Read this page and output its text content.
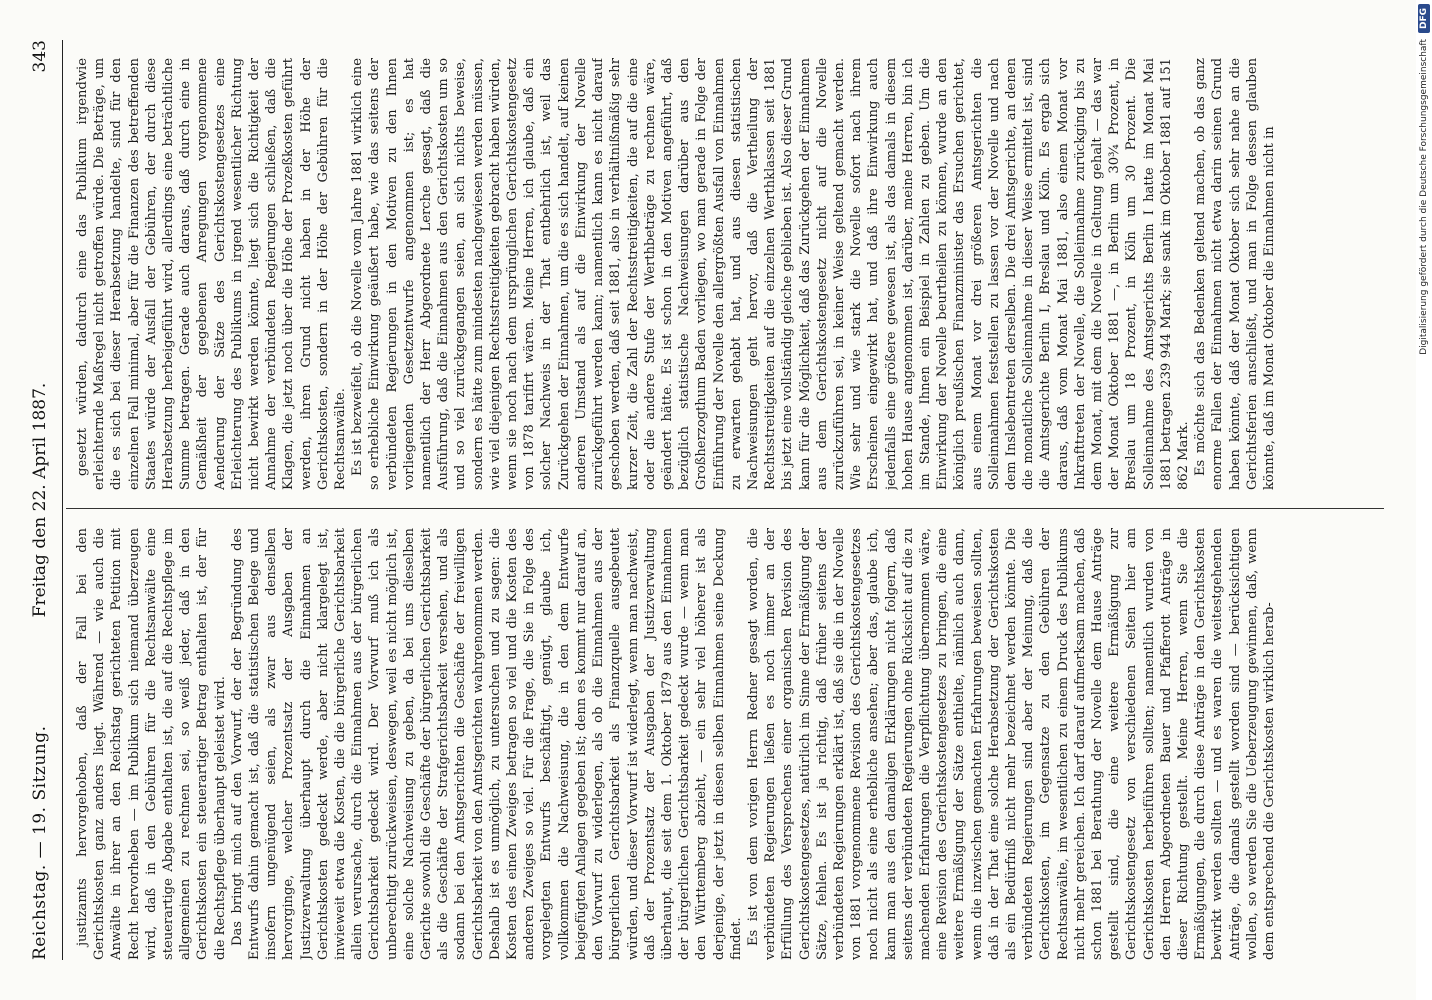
Reichstag. — 19. Sitzung.
Freitag den 22. April 1887.
343

justizamts hervorgehoben, daß der Fall bei den Gerichtskosten ganz anders liegt. Während — wie auch die Anwälte in ihrer an den Reichstag gerichteten Petition mit Recht hervorheben — im Publikum sich niemand überzeugen wird, daß in den Gebühren für die Rechtsanwälte eine steuerartige Abgabe enthalten ist, die auf die Rechtspflege im allgemeinen zu rechnen sei, so weiß jeder, daß in den Gerichtskosten ein steuerartiger Betrag enthalten ist, der für die Rechtspflege überhaupt geleistet wird. Das bringt mich auf den Vorwurf, der der Begründung des Entwurfs dahin gemacht ist, daß die statistischen Belege und insofern ungenügend seien, als zwar aus denselben hervorginge, welcher Prozentsatz der Ausgaben der Justizverwaltung überhaupt durch die Einnahmen an Gerichtskosten gedeckt werde, aber nicht klargelegt ist, inwieweit etwa die Kosten, die die bürgerliche Gerichtsbarkeit allein verursache, durch die Einnahmen aus der bürgerlichen Gerichtsbarkeit gedeckt wird. Der Vorwurf muß ich als unberechtigt zurückweisen, deswegen, weil es nicht möglich ist, eine solche Nachweisung zu geben, da bei uns dieselben Gerichte sowohl die Geschäfte der bürgerlichen Gerichtsbarkeit als die Geschäfte der Strafgerichtsbarkeit versehen, und als sodann bei den Amtsgerichten die Geschäfte der freiwilligen Gerichtsbarkeit von den Amtsgerichten wahrgenommen werden. Deshalb ist es unmöglich, zu untersuchen und zu sagen: die Kosten des einen Zweiges betragen so viel und die Kosten des anderen Zweiges so viel. Für die Frage, die Sie in Folge des vorgelegten Entwurfs beschäftigt, genügt, glaube ich, vollkommen die Nachweisung, die in den dem Entwurfe beigefügten Anlagen gegeben ist; denn es kommt nur darauf an, den Vorwurf zu widerlegen, als ob die Einnahmen aus der bürgerlichen Gerichtsbarkeit als Finanzquelle ausgebeutet würden, und dieser Vorwurf ist widerlegt, wenn man nachweist, daß der Prozentsatz der Ausgaben der Justizverwaltung überhaupt, die seit dem 1. Oktober 1879 aus den Einnahmen der bürgerlichen Gerichtsbarkeit gedeckt wurde — wenn man den Württemberg abzieht, — ein sehr viel höherer ist als derjenige, der jetzt in diesen selben Einnahmen seine Deckung findet. Es ist von dem vorigen Herrn Redner gesagt worden, die verbündeten Regierungen ließen es noch immer an der Erfüllung des Versprechens einer organischen Revision des Gerichtskostengesetzes, natürlich im Sinne der Ermäßigung der Sätze, fehlen. Es ist ja richtig, daß früher seitens der verbündeten Regierungen erklärt ist, daß sie die in der Novelle von 1881 vorgenommene Revision des Gerichtskostengesetzes noch nicht als eine erhebliche ansehen; aber das, glaube ich, kann man aus den damaligen Erklärungen nicht folgern, daß seitens der verbündeten Regierungen ohne Rücksicht auf die zu machenden Erfahrungen die Verpflichtung übernommen wäre, eine Revision des Gerichtskostengesetzes zu bringen, die eine weitere Ermäßigung der Sätze enthielte, nämlich auch dann, wenn die inzwischen gemachten Erfahrungen beweisen sollten, daß in der That eine solche Herabsetzung der Gerichtskosten als ein Bedürfniß nicht mehr bezeichnet werden könnte. Die verbündeten Regierungen sind aber der Meinung, daß die Gerichtskosten, im Gegensatze zu den Gebühren der Rechtsanwälte, im wesentlichen zu einem Druck des Publikums nicht mehr gereichen. Ich darf darauf aufmerksam machen, daß schon 1881 bei Berathung der Novelle dem Hause Anträge gestellt sind, die eine weitere Ermäßigung zur Gerichtskostengesetz von verschiedenen Seiten hier am Gerichtskosten herbeiführen sollten; namentlich wurden von den Herren Abgeordneten Bauer und Pfafferott Anträge in dieser Richtung gestellt. Meine Herren, wenn Sie die Ermäßigungen, die durch diese Anträge in den Gerichtskosten bewirkt werden sollten — und es waren die weitestgehenden Anträge, die damals gestellt worden sind — berücksichtigen wollen, so werden Sie die Ueberzeugung gewinnen, daß, wenn dem entsprechend die Gerichtskosten wirklich herab-

gesetzt würden, dadurch eine das Publikum irgendwie erleichternde Maßregel nicht getroffen würde. Die Beträge, um die es sich bei dieser Herabsetzung handelte, sind für den einzelnen Fall minimal, aber für die Finanzen des betreffenden Staates würde der Ausfall der Gebühren, der durch diese Herabsetzung herbeigeführt wird, allerdings eine beträchtliche Summe betragen. Gerade auch daraus, daß durch eine in Gemäßheit der gegebenen Anregungen vorgenommene Aenderung der Sätze des Gerichtskostengesetzes eine Erleichterung des Publikums in irgend wesentlicher Richtung nicht bewirkt werden könnte, liegt sich die Richtigkeit der Annahme der verbündeten Regierungen schließen, daß die Klagen, die jetzt noch über die Höhe der Prozeßkosten geführt werden, ihren Grund nicht haben in der Höhe der Gerichtskosten, sondern in der Höhe der Gebühren für die Rechtsanwälte. Es ist bezweifelt, ob die Novelle vom Jahre 1881 wirklich eine so erhebliche Einwirkung geäußert habe, wie das seitens der verbündeten Regierungen in den Motiven zu den Ihnen vorliegenden Gesetzentwurfe angenommen ist; es hat namentlich der Herr Abgeordnete Lerche gesagt, daß die Ausführung, daß die Einnahmen aus den Gerichtskosten um so und so viel zurückgegangen seien, an sich nichts beweise, sondern es hätte zum mindesten nachgewiesen werden müssen, wie viel diejenigen Rechtsstreitigkeiten gebracht haben würden, wenn sie noch nach dem ursprünglichen Gerichtskostengesetz von 1878 tarifirt wären. Meine Herren, ich glaube, daß ein solcher Nachweis in der That entbehrlich ist, weil das Zurückgehen der Einnahmen, um die es sich handelt, auf keinen anderen Umstand als auf die Einwirkung der Novelle zurückgeführt werden kann; namentlich kann es nicht darauf geschoben werden, daß seit 1881, also in verhältnißmäßig sehr kurzer Zeit, die Zahl der Rechtsstreitigkeiten, die auf die eine oder die andere Stufe der Werthbeträge zu rechnen wäre, geändert hätte. Es ist schon in den Motiven angeführt, daß bezüglich statistische Nachweisungen darüber aus den Großherzogthum Baden vorliegen, wo man gerade in Folge der Einführung der Novelle den allergrößten Ausfall von Einnahmen zu erwarten gehabt hat, und aus diesen statistischen Nachweisungen geht hervor, daß die Vertheilung der Rechtsstreitigkeiten auf die einzelnen Werthklassen seit 1881 bis jetzt eine vollständig gleiche geblieben ist. Also dieser Grund kann für die Möglichkeit, daß das Zurückgehen der Einnahmen aus dem Gerichtskostengesetz nicht auf die Novelle zurückzuführen sei, in keiner Weise geltend gemacht werden. Wie sehr und wie stark die Novelle sofort nach ihrem Erscheinen eingewirkt hat, und daß ihre Einwirkung auch jedenfalls eine größere gewesen ist, als das damals in diesem hohen Hause angenommen ist, darüber, meine Herren, bin ich im Stande, Ihnen ein Beispiel in Zahlen zu geben. Um die Einwirkung der Novelle beurtheilen zu können, wurde an den königlich preußischen Finanzminister das Ersuchen gerichtet, aus einem Monat vor drei größeren Amtsgerichten die Solleinnahmen feststellen zu lassen vor der Novelle und nach dem Inslebentreten derselben. Die drei Amtsgerichte, an denen die monatliche Solleinnahme in dieser Weise ermittelt ist, sind die Amtsgerichte Berlin I, Breslau und Köln. Es ergab sich daraus, daß vom Monat Mai 1881, also einem Monat vor Inkrafttreten der Novelle, die Solleinnahme zurückging bis zu dem Monat, mit dem die Novelle in Geltung gehalt — das war der Monat Oktober 1881 —, in Berlin um 30¾ Prozent, in Breslau um 18 Prozent, in Köln um 30 Prozent. Die Solleinnahme des Amtsgerichts Berlin I hatte im Monat Mai 1881 betragen 239 944 Mark; sie sank im Oktober 1881 auf 151 862 Mark. Es möchte sich das Bedenken geltend machen, ob das ganz enorme Fallen der Einnahmen nicht etwa darin seinen Grund haben könnte, daß der Monat Oktober sich sehr nahe an die Gerichtsferien anschließt, und man in Folge dessen glauben könnte, daß im Monat Oktober die Einnahmen nicht in	Digitalisierung gefördert durch die Deutsche Forschungsgemeinschaft
DFG
